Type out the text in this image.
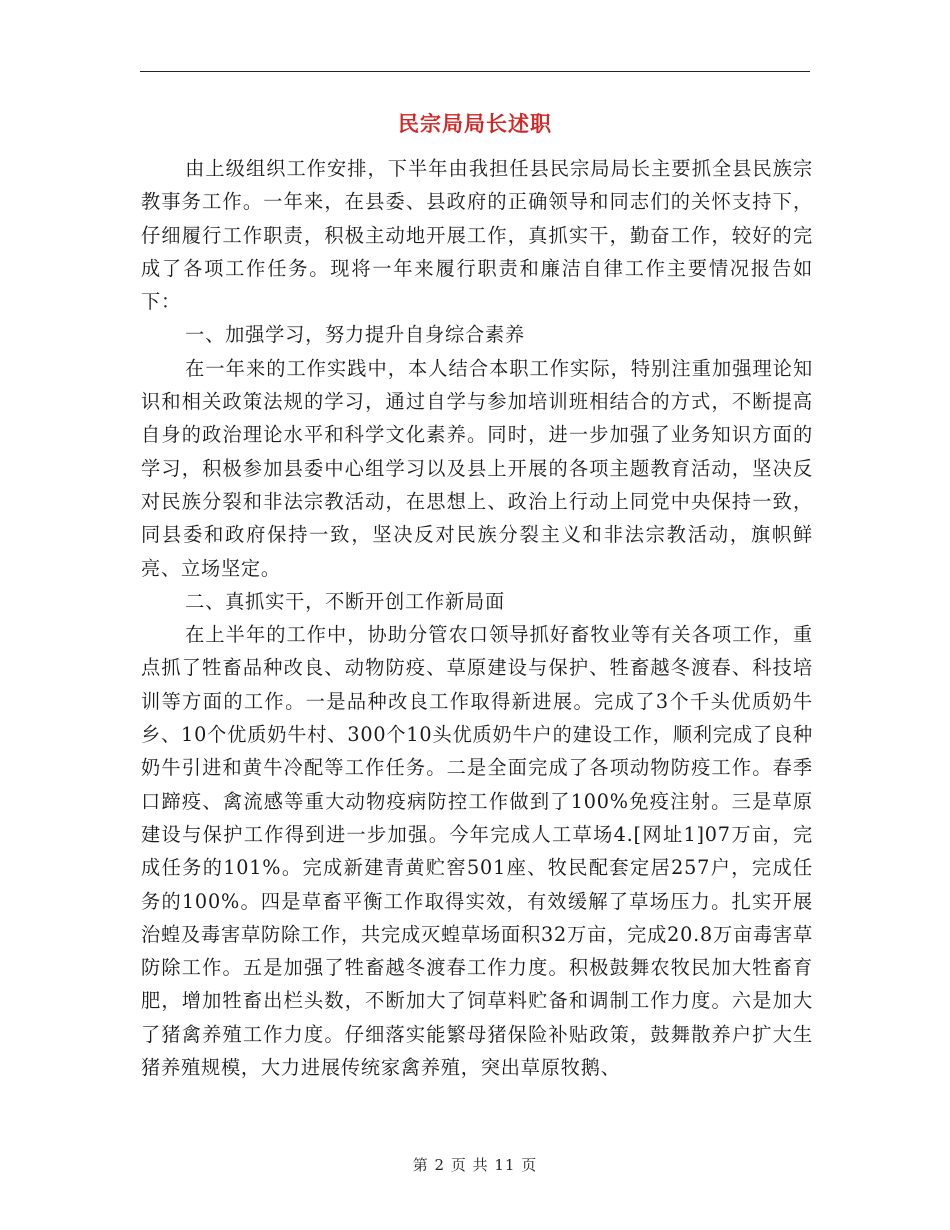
民宗局局长述职

由上级组织工作安排，下半年由我担任县民宗局局长主要抓全县民族宗教事务工作。一年来，在县委、县政府的正确领导和同志们的关怀支持下，仔细履行工作职责，积极主动地开展工作，真抓实干，勤奋工作，较好的完成了各项工作任务。现将一年来履行职责和廉洁自律工作主要情况报告如下：

一、加强学习，努力提升自身综合素养

在一年来的工作实践中，本人结合本职工作实际，特别注重加强理论知识和相关政策法规的学习，通过自学与参加培训班相结合的方式，不断提高自身的政治理论水平和科学文化素养。同时，进一步加强了业务知识方面的学习，积极参加县委中心组学习以及县上开展的各项主题教育活动，坚决反对民族分裂和非法宗教活动，在思想上、政治上行动上同党中央保持一致，同县委和政府保持一致，坚决反对民族分裂主义和非法宗教活动，旗帜鲜亮、立场坚定。

二、真抓实干，不断开创工作新局面

在上半年的工作中，协助分管农口领导抓好畜牧业等有关各项工作，重点抓了牲畜品种改良、动物防疫、草原建设与保护、牲畜越冬渡春、科技培训等方面的工作。一是品种改良工作取得新进展。完成了3个千头优质奶牛乡、10个优质奶牛村、300个10头优质奶牛户的建设工作，顺利完成了良种奶牛引进和黄牛冷配等工作任务。二是全面完成了各项动物防疫工作。春季口蹄疫、禽流感等重大动物疫病防控工作做到了100%免疫注射。三是草原建设与保护工作得到进一步加强。今年完成人工草场4.[网址1]07万亩，完成任务的101%。完成新建青黄贮窖501座、牧民配套定居257户，完成任务的100%。四是草畜平衡工作取得实效，有效缓解了草场压力。扎实开展治蝗及毒害草防除工作，共完成灭蝗草场面积32万亩，完成20.8万亩毒害草防除工作。五是加强了牲畜越冬渡春工作力度。积极鼓舞农牧民加大牲畜育肥，增加牲畜出栏头数，不断加大了饲草料贮备和调制工作力度。六是加大了猪禽养殖工作力度。仔细落实能繁母猪保险补贴政策，鼓舞散养户扩大生猪养殖规模，大力进展传统家禽养殖，突出草原牧鹅、

第 2 页 共 11 页
